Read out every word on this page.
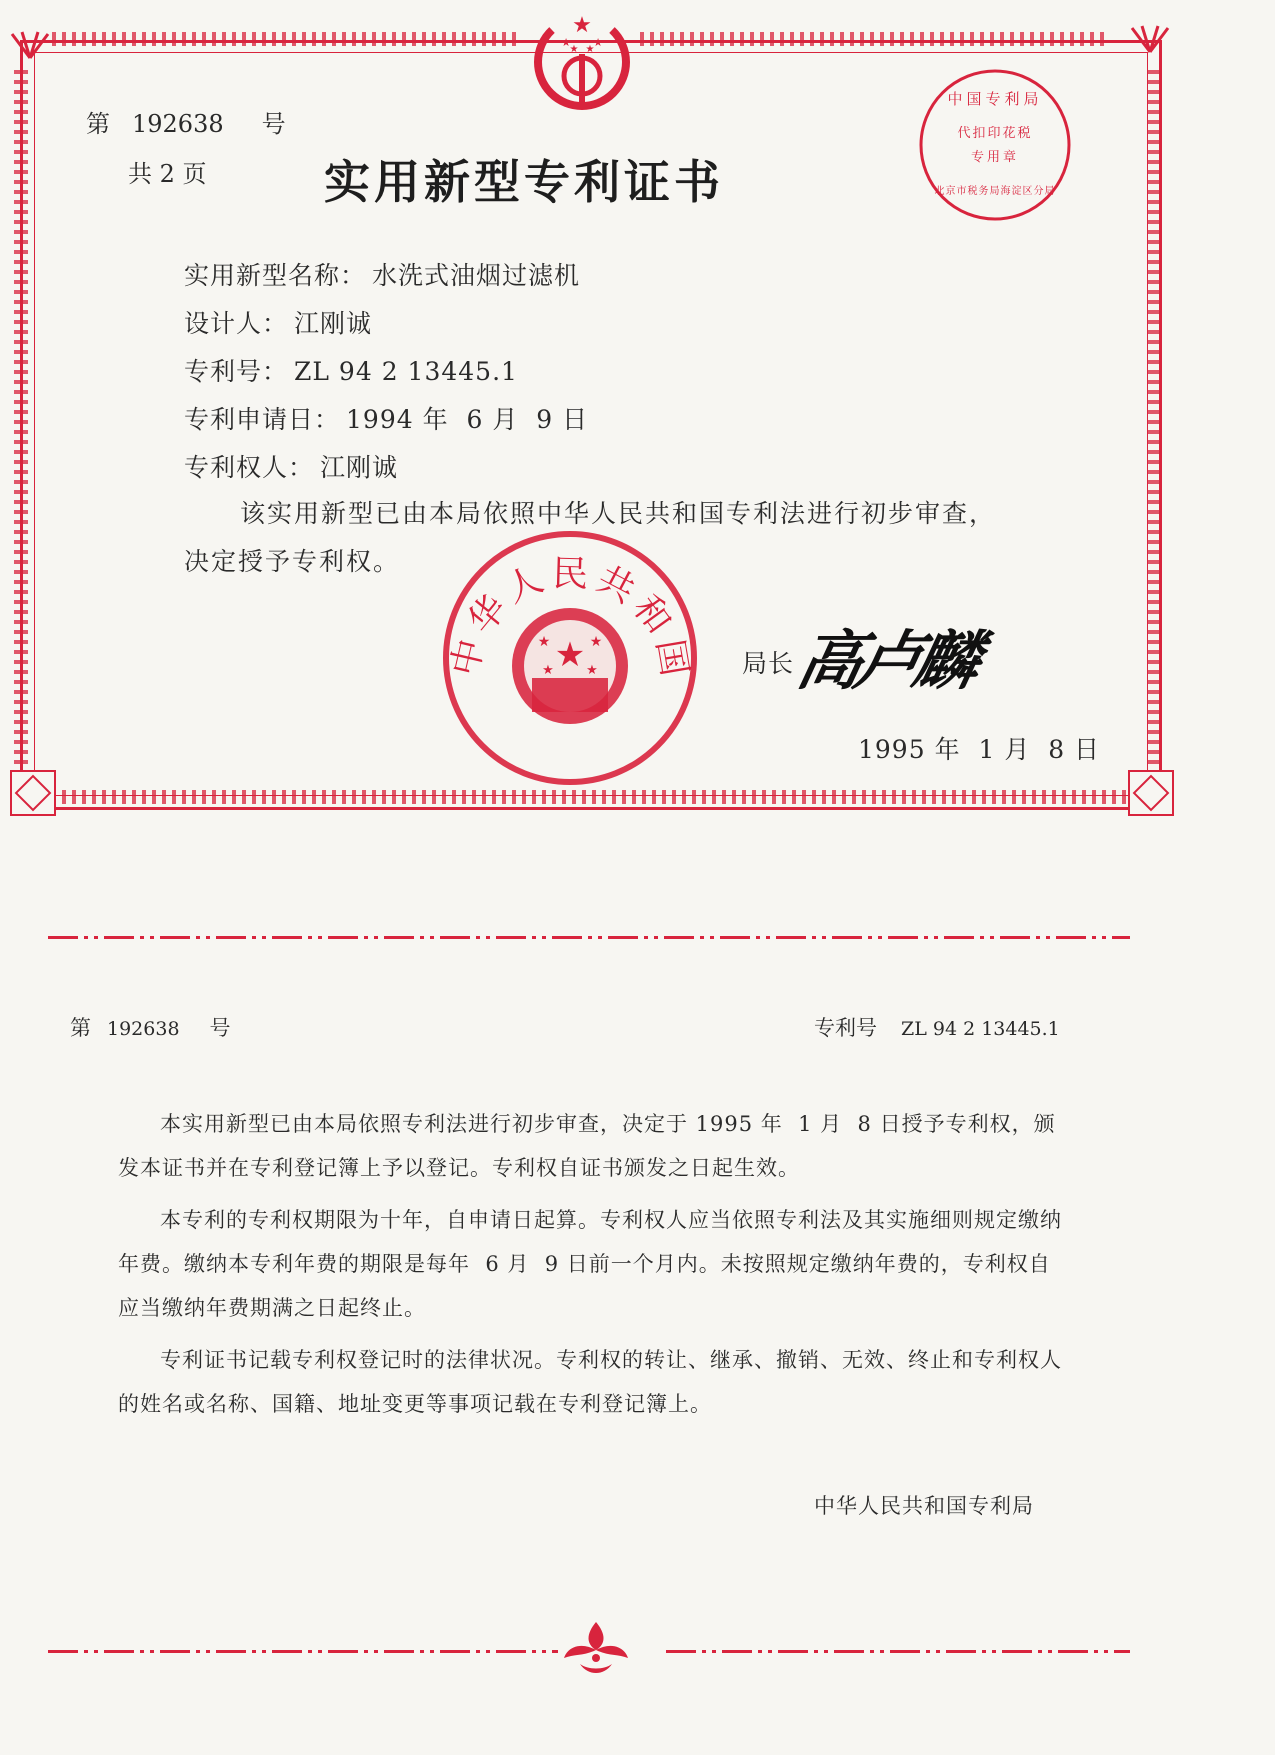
★
★ ★
★ ★
第 192638 号
共 2 页	实用新型专利证书
中国专利局
代扣印花税
专用章
北京市税务局海淀区分局
实用新型名称： 水洗式油烟过滤机
设计人： 江刚诚
专利号： ZL 94 2 13445.1
专利申请日： 1994 年  6 月  9 日
专利权人： 江刚诚
该实用新型已由本局依照中华人民共和国专利法进行初步审查，
决定授予专利权。
★
★	★
★ ★
中华人民共和国 局长
高卢麟
1995 年  1 月  8 日
第 192638 号	专利号 ZL 94 2 13445.1

本实用新型已由本局依照专利法进行初步审查，决定于 1995 年  1 月  8 日授予专利权，颁发本证书并在专利登记簿上予以登记。专利权自证书颁发之日起生效。

本专利的专利权期限为十年，自申请日起算。专利权人应当依照专利法及其实施细则规定缴纳年费。缴纳本专利年费的期限是每年  6 月  9 日前一个月内。未按照规定缴纳年费的，专利权自应当缴纳年费期满之日起终止。

专利证书记载专利权登记时的法律状况。专利权的转让、继承、撤销、无效、终止和专利权人的姓名或名称、国籍、地址变更等事项记载在专利登记簿上。

中华人民共和国专利局
